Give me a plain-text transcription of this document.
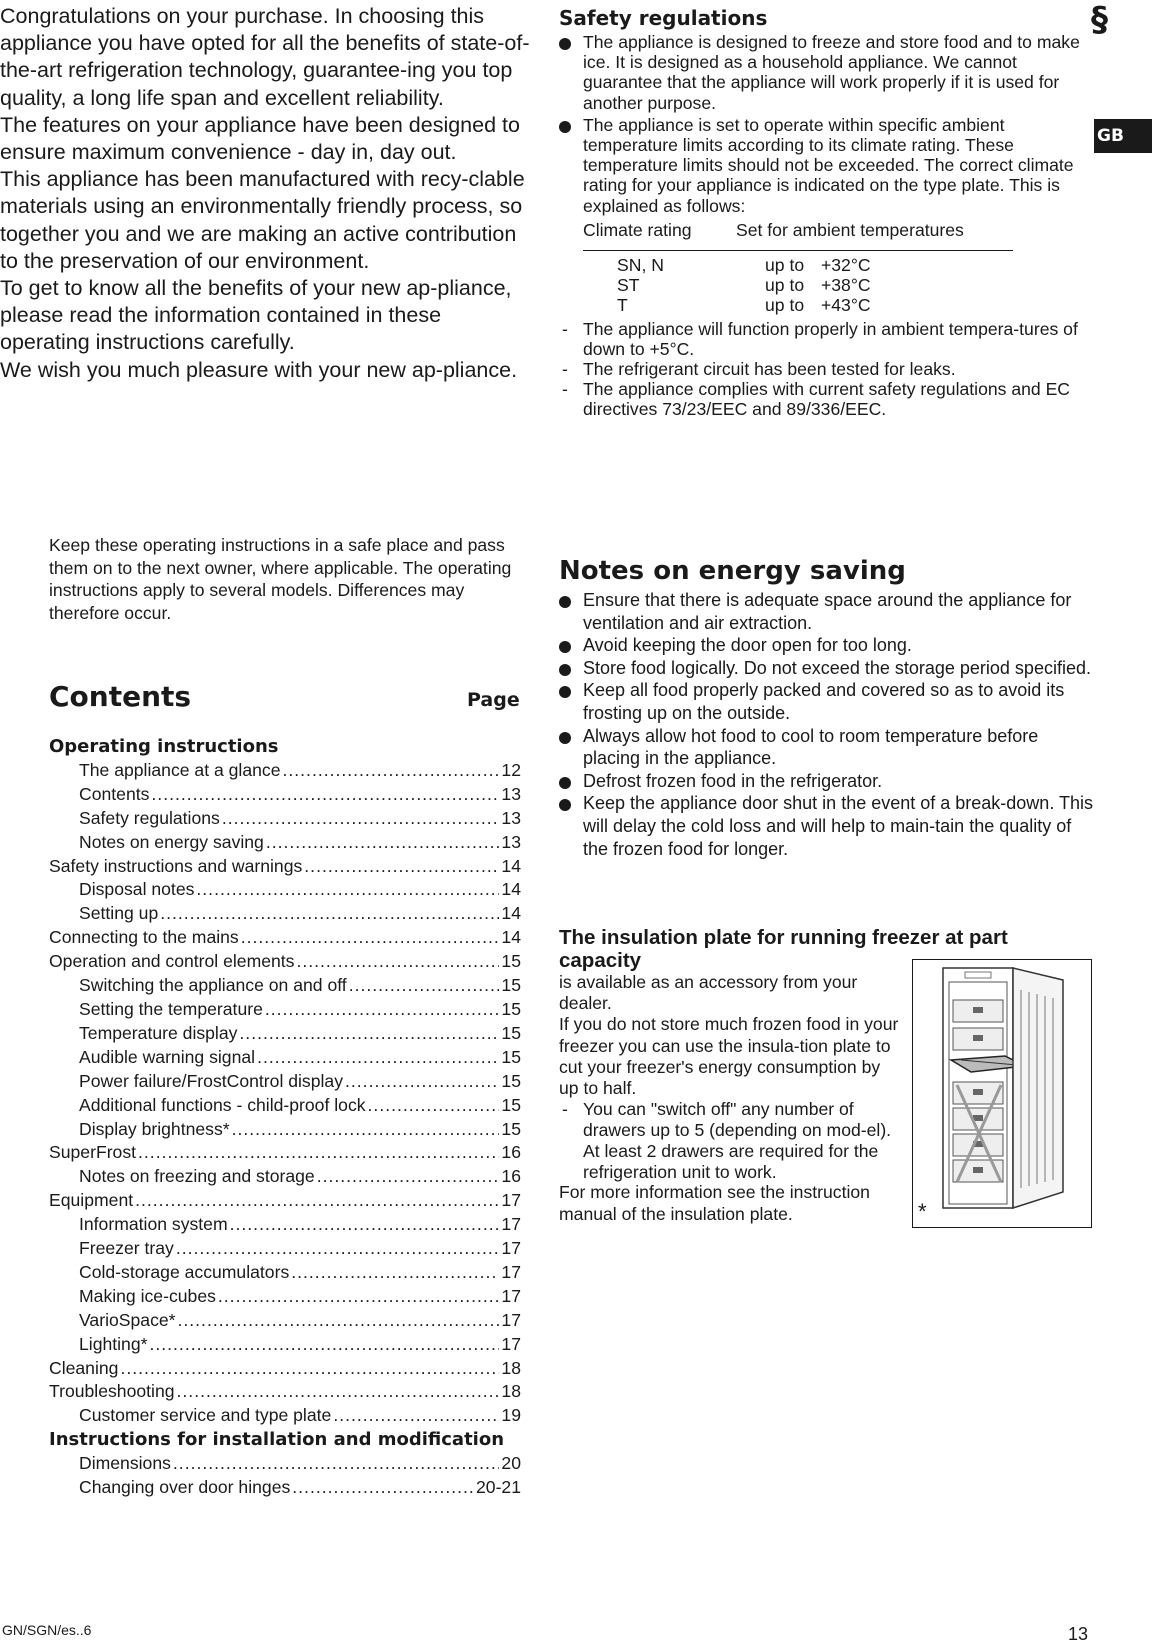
Congratulations on your purchase. In choosing this appliance you have opted for all the benefits of state-of-the-art refrigeration technology, guarantee-ing you top quality, a long life span and excellent reliability.

The features on your appliance have been designed to ensure maximum convenience - day in, day out.

This appliance has been manufactured with recy-clable materials using an environmentally friendly process, so together you and we are making an active contribution to the preservation of our environment.

To get to know all the benefits of your new ap-pliance, please read the information contained in these operating instructions carefully.

We wish you much pleasure with your new ap-pliance.

Safety regulations
The appliance is designed to freeze and store food and to make ice. It is designed as a household appliance. We cannot guarantee that the appliance will work properly if it is used for another purpose.
The appliance is set to operate within specific ambient temperature limits according to its climate rating. These temperature limits should not be exceeded. The correct climate rating for your appliance is indicated on the type plate. This is explained as follows:
Climate rating	Set for ambient temperatures
SN, N	up to +32°C
ST	up to +38°C
T	up to +43°C
- The appliance will function properly in ambient tempera-tures of down to +5°C.
- The refrigerant circuit has been tested for leaks.
- The appliance complies with current safety regulations and EC directives 73/23/EEC and 89/336/EEC.
§
GB
Keep these operating instructions in a safe place and pass them on to the next owner, where applicable. The operating instructions apply to several models. Differences may therefore occur.
Contents	Page
Operating instructions
The appliance at a glance .....	12
Contents .....	13
Safety regulations .....	13
Notes on energy saving .....	13
Safety instructions and warnings .....	14
Disposal notes .....	14
Setting up .....	14
Connecting to the mains .....	14
Operation and control elements .....	15
Switching the appliance on and off .....	15
Setting the temperature .....	15
Temperature display .....	15
Audible warning signal .....	15
Power failure/FrostControl display .....	15
Additional functions - child-proof lock .....	15
Display brightness* .....	15
SuperFrost .....	16
Notes on freezing and storage .....	16
Equipment .....	17
Information system .....	17
Freezer tray .....	17
Cold-storage accumulators .....	17
Making ice-cubes .....	17
VarioSpace* .....	17
Lighting* .....	17
Cleaning .....	18
Troubleshooting .....	18
Customer service and type plate .....	19
Instructions for installation and modification
Dimensions .....	20
Changing over door hinges .....	20-21
Notes on energy saving
Ensure that there is adequate space around the appliance for ventilation and air extraction.
Avoid keeping the door open for too long.
Store food logically. Do not exceed the storage period specified.
Keep all food properly packed and covered so as to avoid its frosting up on the outside.
Always allow hot food to cool to room temperature before placing in the appliance.
Defrost frozen food in the refrigerator.
Keep the appliance door shut in the event of a break-down. This will delay the cold loss and will help to main-tain the quality of the frozen food for longer.
The insulation plate for running freezer at part capacity
is available as an accessory from your dealer.
If you do not store much frozen food in your freezer you can use the insula-tion plate to cut your freezer's energy consumption by up to half.
- You can "switch off" any number of drawers up to 5 (depending on mod-el). At least 2 drawers are required for the refrigeration unit to work.
For more information see the instruction manual of the insulation plate.	*
GN/SGN/es..6	13
